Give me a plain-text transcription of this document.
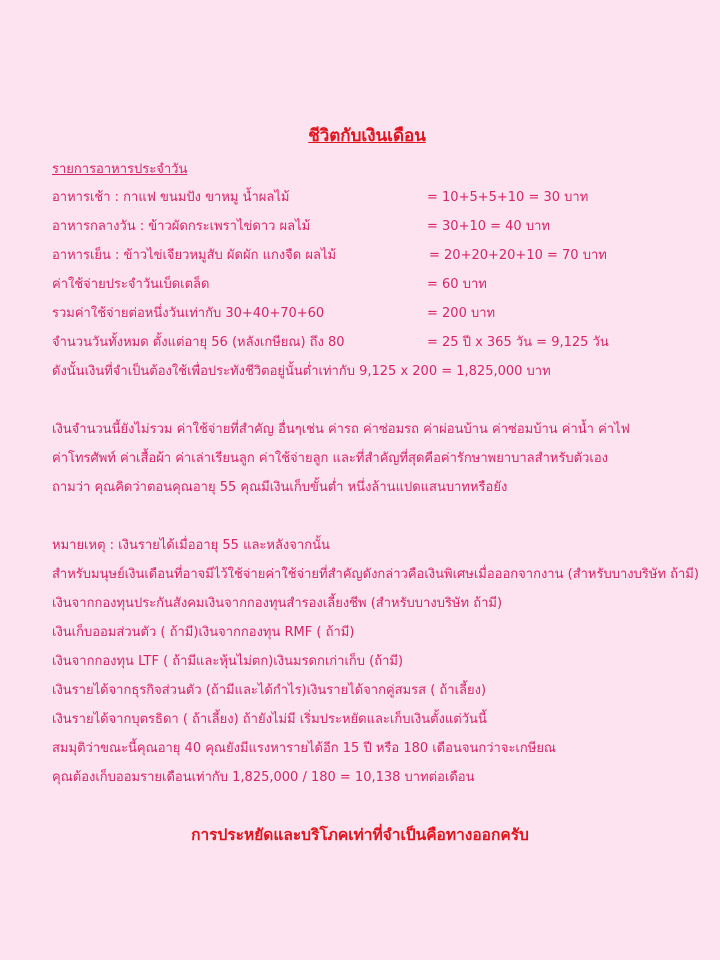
ชีวิตกับเงินเดือน
รายการอาหารประจำวัน
อาหารเช้า : กาแฟ ขนมปัง ขาหมู น้ำผลไม้	= 10+5+5+10 = 30 บาท
อาหารกลางวัน : ข้าวผัดกระเพราไข่ดาว ผลไม้	= 30+10 = 40 บาท
อาหารเย็น : ข้าวไข่เจียวหมูสับ ผัดผัก แกงจืด ผลไม้	= 20+20+20+10 = 70 บาท
ค่าใช้จ่ายประจำวันเบ็ดเตล็ด	= 60 บาท
รวมค่าใช้จ่ายต่อหนึ่งวันเท่ากับ 30+40+70+60	= 200 บาท
จำนวนวันทั้งหมด ตั้งแต่อายุ 56 (หลังเกษียณ) ถึง 80	= 25 ปี x 365 วัน = 9,125 วัน
ดังนั้นเงินที่จำเป็นต้องใช้เพื่อประทังชีวิตอยู่นั้นต่ำเท่ากับ 9,125 x 200 = 1,825,000 บาท
เงินจำนวนนี้ยังไม่รวม ค่าใช้จ่ายที่สำคัญ อื่นๆเช่น ค่ารถ ค่าซ่อมรถ ค่าผ่อนบ้าน ค่าซ่อมบ้าน ค่าน้ำ ค่าไฟ
ค่าโทรศัพท์ ค่าเสื้อผ้า ค่าเล่าเรียนลูก ค่าใช้จ่ายลูก และที่สำคัญที่สุดคือค่ารักษาพยาบาลสำหรับตัวเอง
ถามว่า คุณคิดว่าตอนคุณอายุ 55 คุณมีเงินเก็บขั้นต่ำ หนึ่งล้านแปดแสนบาทหรือยัง
หมายเหตุ : เงินรายได้เมื่ออายุ 55 และหลังจากนั้น
สำหรับมนุษย์เงินเดือนที่อาจมีไว้ใช้จ่ายค่าใช้จ่ายที่สำคัญดังกล่าวคือเงินพิเศษเมื่อออกจากงาน (สำหรับบางบริษัท ถ้ามี)
เงินจากกองทุนประกันสังคมเงินจากกองทุนสำรองเลี้ยงชีพ (สำหรับบางบริษัท ถ้ามี)
เงินเก็บออมส่วนตัว ( ถ้ามี)เงินจากกองทุน RMF ( ถ้ามี)
เงินจากกองทุน LTF ( ถ้ามีและหุ้นไม่ตก)เงินมรดกเก่าเก็บ (ถ้ามี)
เงินรายได้จากธุรกิจส่วนตัว (ถ้ามีและได้กำไร)เงินรายได้จากคู่สมรส ( ถ้าเลี้ยง)
เงินรายได้จากบุตรธิดา ( ถ้าเลี้ยง) ถ้ายังไม่มี เริ่มประหยัดและเก็บเงินตั้งแต่วันนี้
สมมุติว่าขณะนี้คุณอายุ 40 คุณยังมีแรงหารายได้อีก 15 ปี หรือ 180 เดือนจนกว่าจะเกษียณ
คุณต้องเก็บออมรายเดือนเท่ากับ 1,825,000 / 180 = 10,138 บาทต่อเดือน
การประหยัดและบริโภคเท่าที่จำเป็นคือทางออกครับ
